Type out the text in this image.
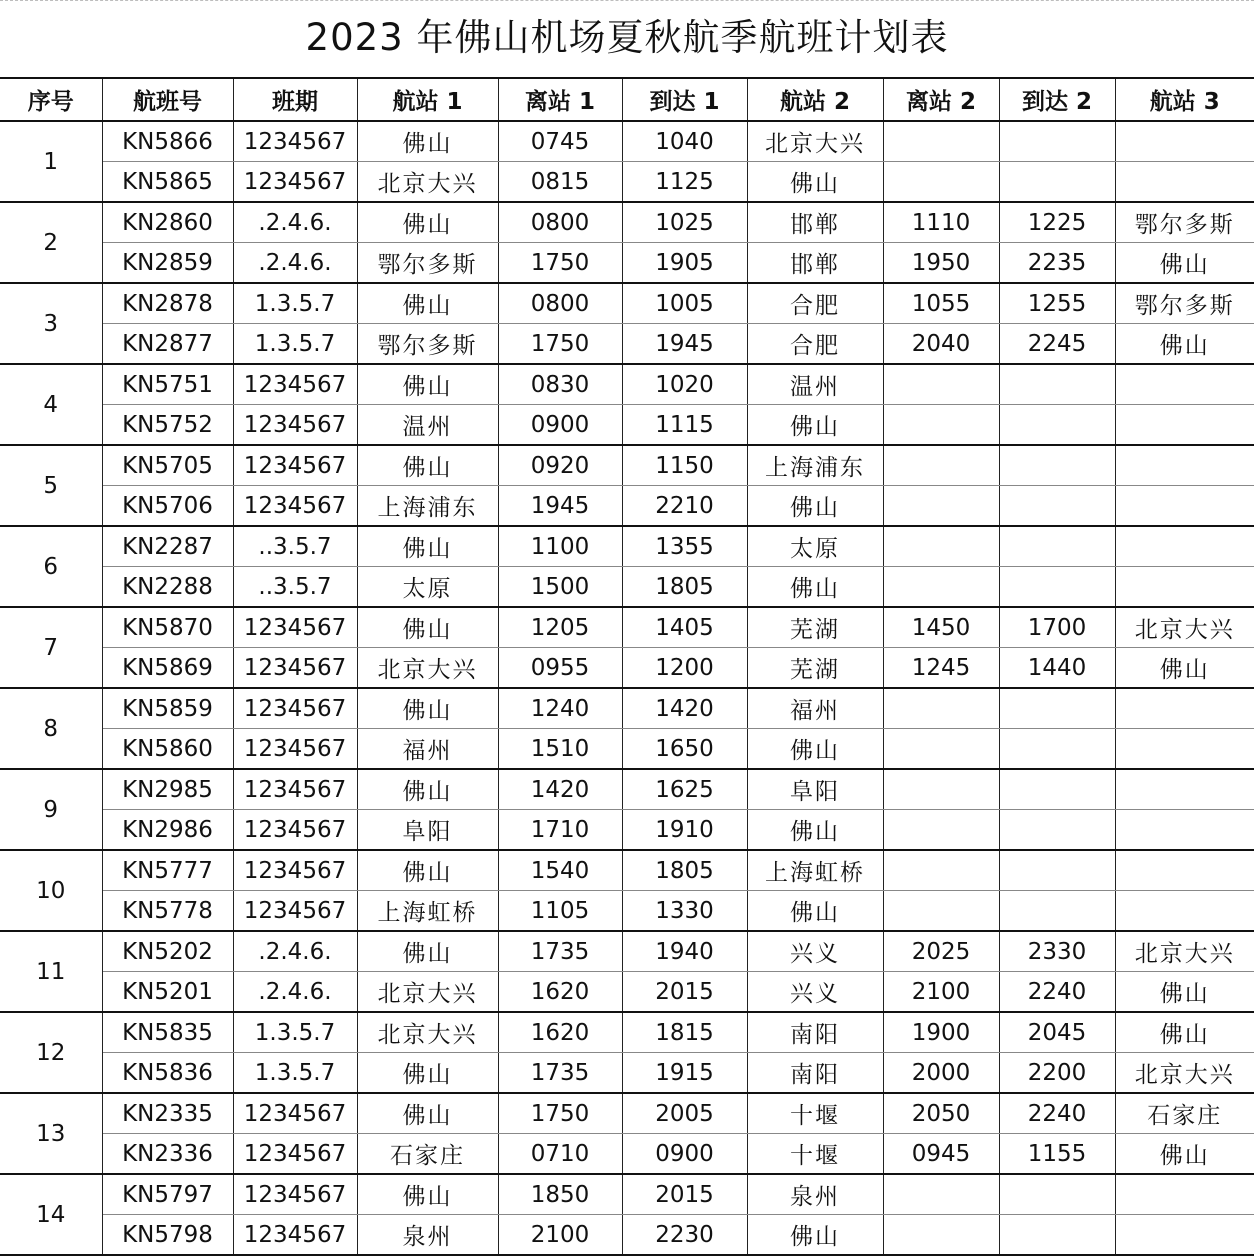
2023 年佛山机场夏秋航季航班计划表
序号	航班号	班期	航站 1	离站 1	到达 1	航站 2	离站 2	到达 2	航站 3
1	KN5866	1234567	佛山	0745	1040	北京大兴			
	KN5865	1234567	北京大兴	0815	1125	佛山			
2	KN2860	.2.4.6.	佛山	0800	1025	邯郸	1110	1225	鄂尔多斯
	KN2859	.2.4.6.	鄂尔多斯	1750	1905	邯郸	1950	2235	佛山
3	KN2878	1.3.5.7	佛山	0800	1005	合肥	1055	1255	鄂尔多斯
	KN2877	1.3.5.7	鄂尔多斯	1750	1945	合肥	2040	2245	佛山
4	KN5751	1234567	佛山	0830	1020	温州			
	KN5752	1234567	温州	0900	1115	佛山			
5	KN5705	1234567	佛山	0920	1150	上海浦东			
	KN5706	1234567	上海浦东	1945	2210	佛山			
6	KN2287	..3.5.7	佛山	1100	1355	太原			
	KN2288	..3.5.7	太原	1500	1805	佛山			
7	KN5870	1234567	佛山	1205	1405	芜湖	1450	1700	北京大兴
	KN5869	1234567	北京大兴	0955	1200	芜湖	1245	1440	佛山
8	KN5859	1234567	佛山	1240	1420	福州			
	KN5860	1234567	福州	1510	1650	佛山			
9	KN2985	1234567	佛山	1420	1625	阜阳			
	KN2986	1234567	阜阳	1710	1910	佛山			
10	KN5777	1234567	佛山	1540	1805	上海虹桥			
	KN5778	1234567	上海虹桥	1105	1330	佛山			
11	KN5202	.2.4.6.	佛山	1735	1940	兴义	2025	2330	北京大兴
	KN5201	.2.4.6.	北京大兴	1620	2015	兴义	2100	2240	佛山
12	KN5835	1.3.5.7	北京大兴	1620	1815	南阳	1900	2045	佛山
	KN5836	1.3.5.7	佛山	1735	1915	南阳	2000	2200	北京大兴
13	KN2335	1234567	佛山	1750	2005	十堰	2050	2240	石家庄
	KN2336	1234567	石家庄	0710	0900	十堰	0945	1155	佛山
14	KN5797	1234567	佛山	1850	2015	泉州			
	KN5798	1234567	泉州	2100	2230	佛山			
